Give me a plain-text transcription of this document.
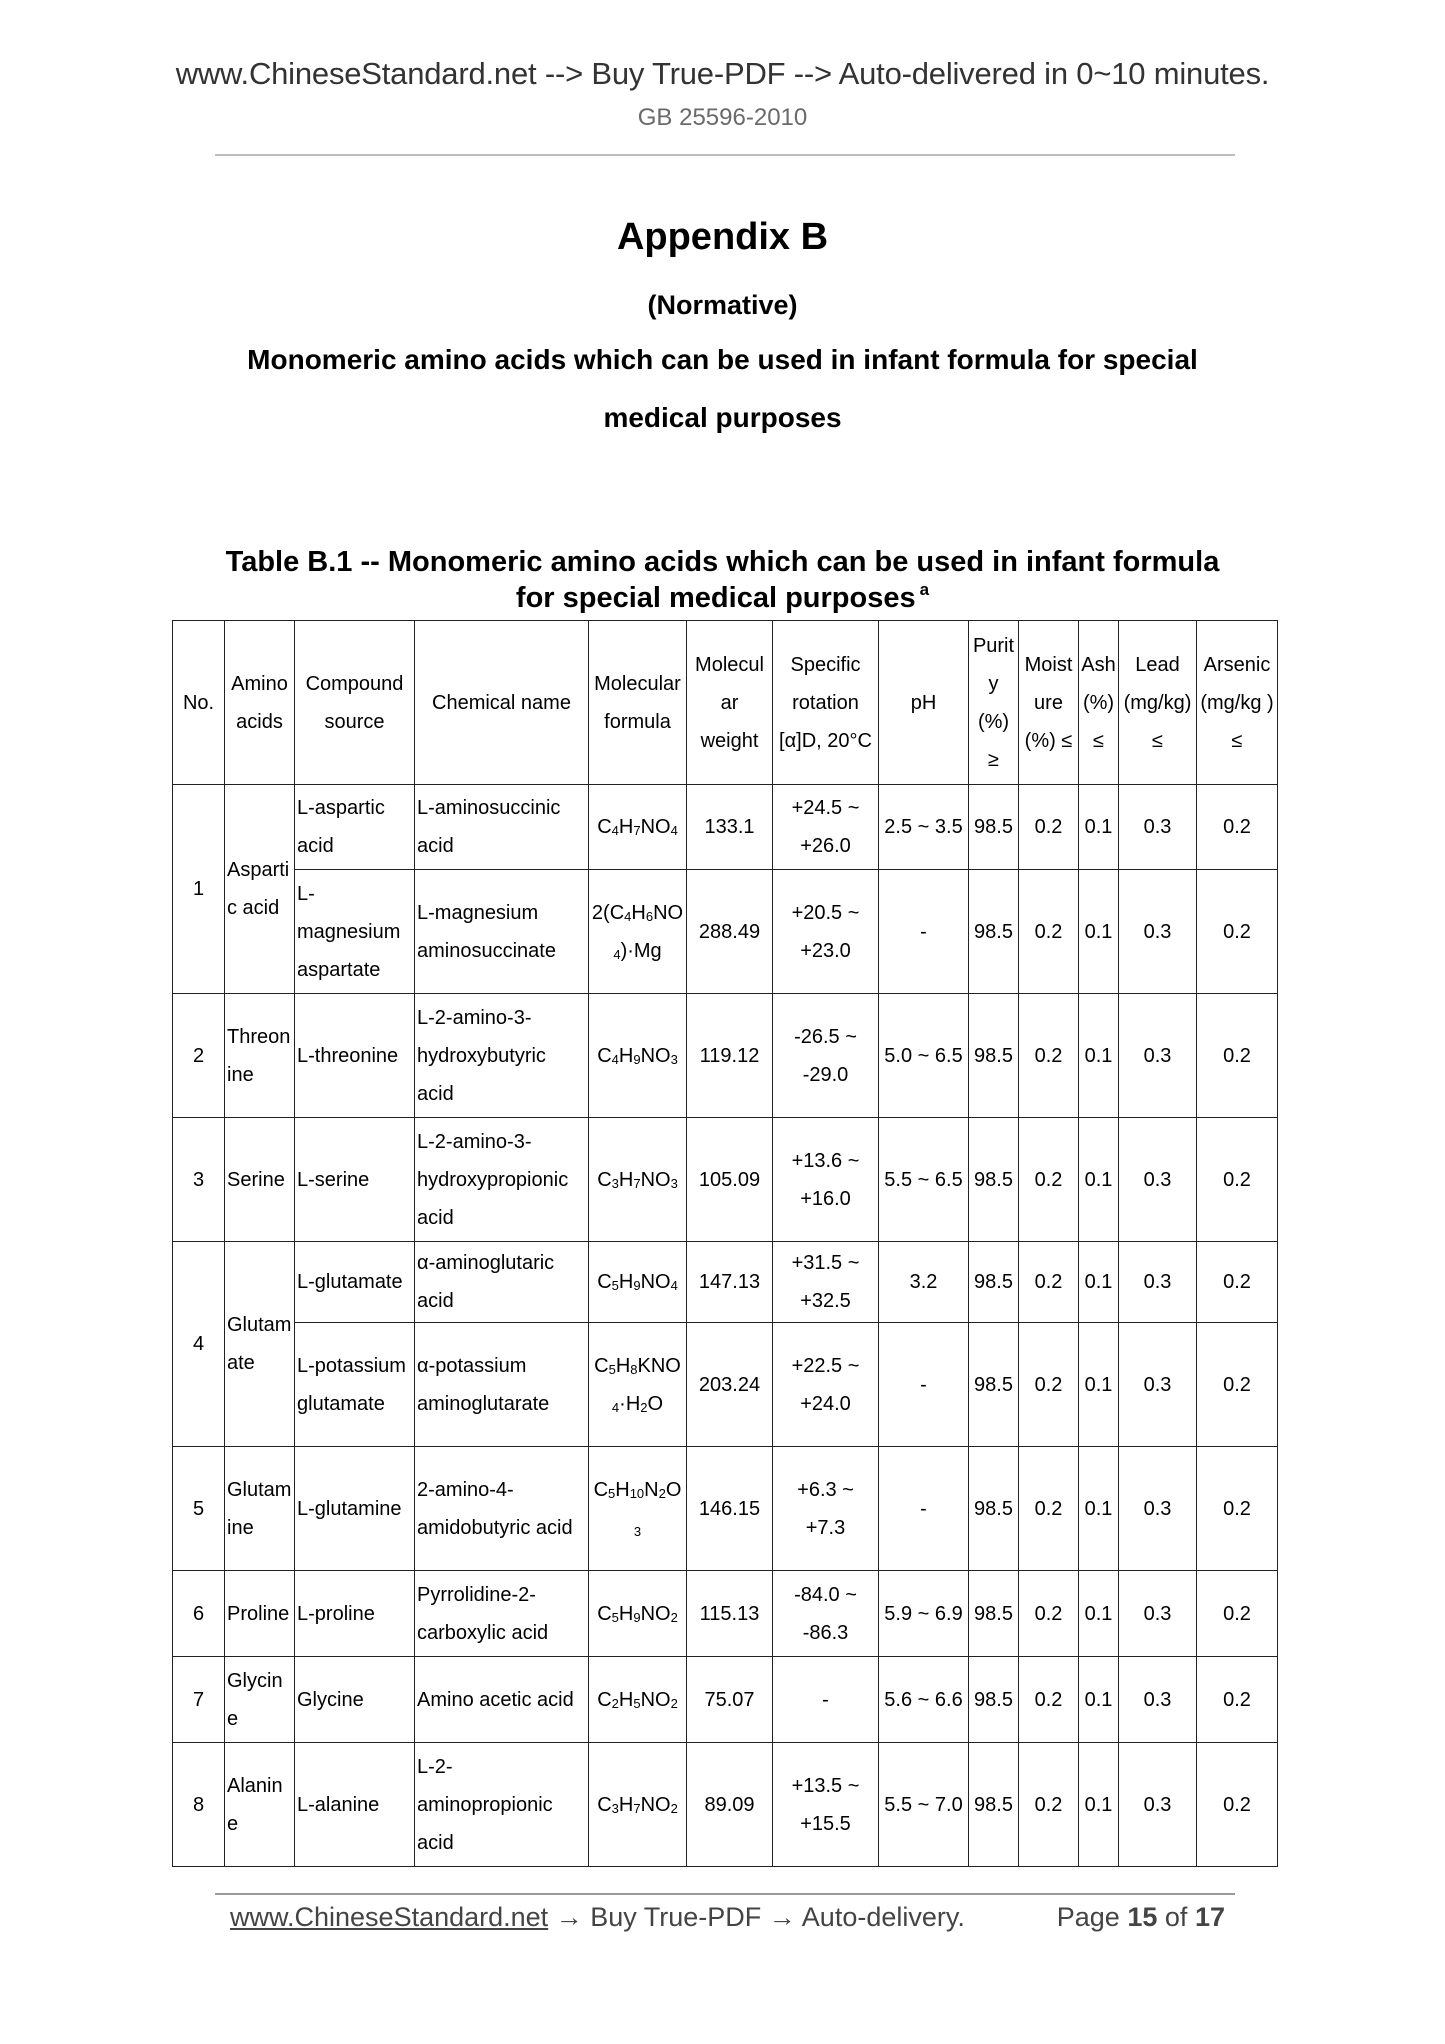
www.ChineseStandard.net --> Buy True-PDF --> Auto-delivered in 0~10 minutes.
GB 25596-2010
Appendix B
(Normative)
Monomeric amino acids which can be used in infant formula for special
medical purposes
Table B.1 -- Monomeric amino acids which can be used in infant formula
for special medical purposes $^a$
No.	Amino acids	Compound source	Chemical name	Molecular formula	Molecul ar weight	Specific rotation [α]D, 20°C	pH	Purit y (%) ≥	Moist ure (%) ≤	Ash (%) ≤	Lead (mg/kg) ≤	Arsenic (mg/kg ) ≤
1	Aspartic acid	L-aspartic acid	L-aminosuccinic acid	$C_4H_7NO_4$	133.1	+24.5 ~ +26.0	2.5 ~ 3.5	98.5	0.2	0.1	0.3	0.2
		L-magnesium aspartate	L-magnesium aminosuccinate	$2(C_4H_6NO_4)\cdot Mg$	288.49	+20.5 ~ +23.0	-	98.5	0.2	0.1	0.3	0.2
2	Threonine	L-threonine	L-2-amino-3-hydroxybutyric acid	$C_4H_9NO_3$	119.12	-26.5 ~ -29.0	5.0 ~ 6.5	98.5	0.2	0.1	0.3	0.2
3	Serine	L-serine	L-2-amino-3-hydroxypropionic acid	$C_3H_7NO_3$	105.09	+13.6 ~ +16.0	5.5 ~ 6.5	98.5	0.2	0.1	0.3	0.2
4	Glutamate	L-glutamate	α-aminoglutaric acid	$C_5H_9NO_4$	147.13	+31.5 ~ +32.5	3.2	98.5	0.2	0.1	0.3	0.2
		L-potassium glutamate	α-potassium aminoglutarate	$C_5H_8KNO_4\cdot H_2O$	203.24	+22.5 ~ +24.0	-	98.5	0.2	0.1	0.3	0.2
5	Glutamine	L-glutamine	2-amino-4-amidobutyric acid	$C_5H_{10}N_2O_3$	146.15	+6.3 ~ +7.3	-	98.5	0.2	0.1	0.3	0.2
6	Proline	L-proline	Pyrrolidine-2-carboxylic acid	$C_5H_9NO_2$	115.13	-84.0 ~ -86.3	5.9 ~ 6.9	98.5	0.2	0.1	0.3	0.2
7	Glycine	Glycine	Amino acetic acid	$C_2H_5NO_2$	75.07	-	5.6 ~ 6.6	98.5	0.2	0.1	0.3	0.2
8	Alanine	L-alanine	L-2-aminopropionic acid	$C_3H_7NO_2$	89.09	+13.5 ~ +15.5	5.5 ~ 7.0	98.5	0.2	0.1	0.3	0.2
www.ChineseStandard.net → Buy True-PDF → Auto-delivery.	Page 15 of 17
